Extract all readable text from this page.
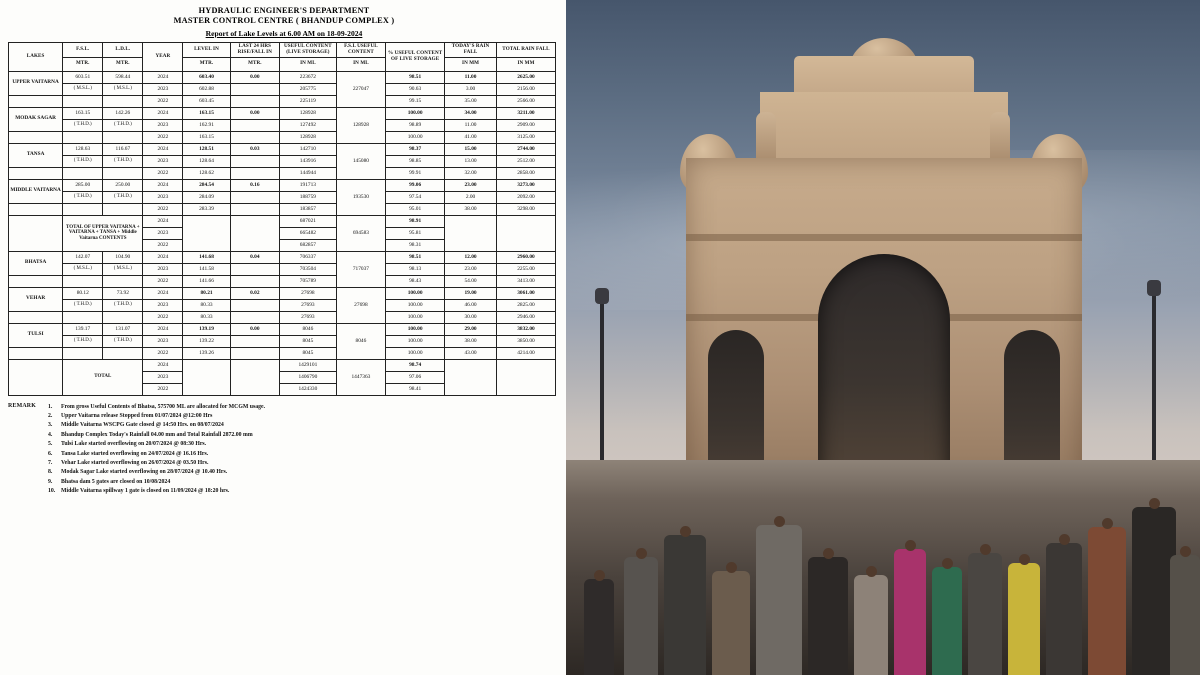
HYDRAULIC ENGINEER'S DEPARTMENT
MASTER CONTROL CENTRE ( BHANDUP COMPLEX )
Report of Lake Levels at 6.00 AM on 18-09-2024
LAKES	F.S.L.	L.D.L.	YEAR	LEVEL IN	LAST 24 HRS RISE/FALL IN	USEFUL CONTENT (LIVE STORAGE)	F.S.L USEFUL CONTENT	% USEFUL CONTENT OF LIVE STORAGE	TODAY'S RAIN FALL	TOTAL RAIN FALL
	MTR.	MTR.		MTR.	MTR.	IN ML	IN ML		IN MM	IN MM
UPPER VAITARNA	603.51	598.44	2024	603.40	0.00	223672	227047	98.51	11.00	2625.00
	( M.S.L.)	( M.S.L.)	2023	602.88		205775		90.63	3.00	2156.00
			2022	603.45		225119		99.15	35.00	2566.00
MODAK SAGAR	163.15	142.26	2024	163.15	0.00	128928	128928	100.00	34.00	3211.00
	( T.H.D.)	( T.H.D.)	2023	162.91		127492		98.89	11.00	2909.00
			2022	163.15		128928		100.00	41.00	3125.00
TANSA	128.63	116.67	2024	128.51	0.03	142710	145080	98.37	15.00	2744.00
	( T.H.D.)	( T.H.D.)	2023	128.64		143916		98.85	13.00	2512.00
			2022	128.62		144944		99.91	32.00	2858.00
MIDDLE VAITARNA	285.00	250.00	2024	284.54	0.16	191713	193530	99.06	23.00	3273.00
	( T.H.D.)	( T.H.D.)	2023	284.09		188759		97.54	2.00	2092.00
			2022	283.39		183857		95.01	38.00	3298.00
	TOTAL OF UPPER VAITARNA + VAITARNA + TANSA + Middle Vaitarna CONTENTS		2024			687021	694583	98.91		
			2023			665482		95.81		
			2022			682857		98.31		
BHATSA	142.07	104.90	2024	141.68	0.04	706337	717037	98.51	12.00	2960.00
	( M.S.L.)	( M.S.L.)	2023	141.58		703504		98.13	23.00	2255.00
			2022	141.66		705789		98.43	54.00	3413.00
VEHAR	80.12	73.92	2024	80.21	0.02	27698	27698	100.00	19.00	3061.00
	( T.H.D.)	( T.H.D.)	2023	80.33		27693		100.00	46.00	2825.00
			2022	80.33		27693		100.00	30.00	2946.00
TULSI	139.17	131.07	2024	139.19	0.00	8046	8046	100.00	29.00	3832.00
	( T.H.D.)	( T.H.D.)	2023	139.22		8045		100.00	38.00	3850.00
			2022	139.26		8045		100.00	43.00	4214.00
	TOTAL		2024			1429101	1447363	98.74		
			2023			1406790		97.06		
			2022			1424330		98.41		
REMARK	1. From gross Useful Contents of Bhatsa, 575700 ML are allocated for MCGM usage.
2. Upper Vaitarna release Stopped from 01/07/2024 @12:00 Hrs
3. Middle Vaitarna WSCPG Gate closed @ 14:50 Hrs. on 08/07/2024
4. Bhandup Complex Today's Rainfall 04.00 mm and Total Rainfall 2872.00 mm
5. Tulsi Lake started overflowing on 20/07/2024 @ 08:30 Hrs.
6. Tansa Lake started overflowing on 24/07/2024 @ 16.16 Hrs.
7. Vehar Lake started overflowing on 26/07/2024 @ 03.50 Hrs.
8. Modak Sagar Lake started overflowing on 28/07/2024 @ 10.40 Hrs.
9. Bhatsa dam 5 gates are closed on 10/08/2024
10. Middle Vaitarna spillway 1 gate is closed on 11/09/2024 @ 18:20 hrs.
